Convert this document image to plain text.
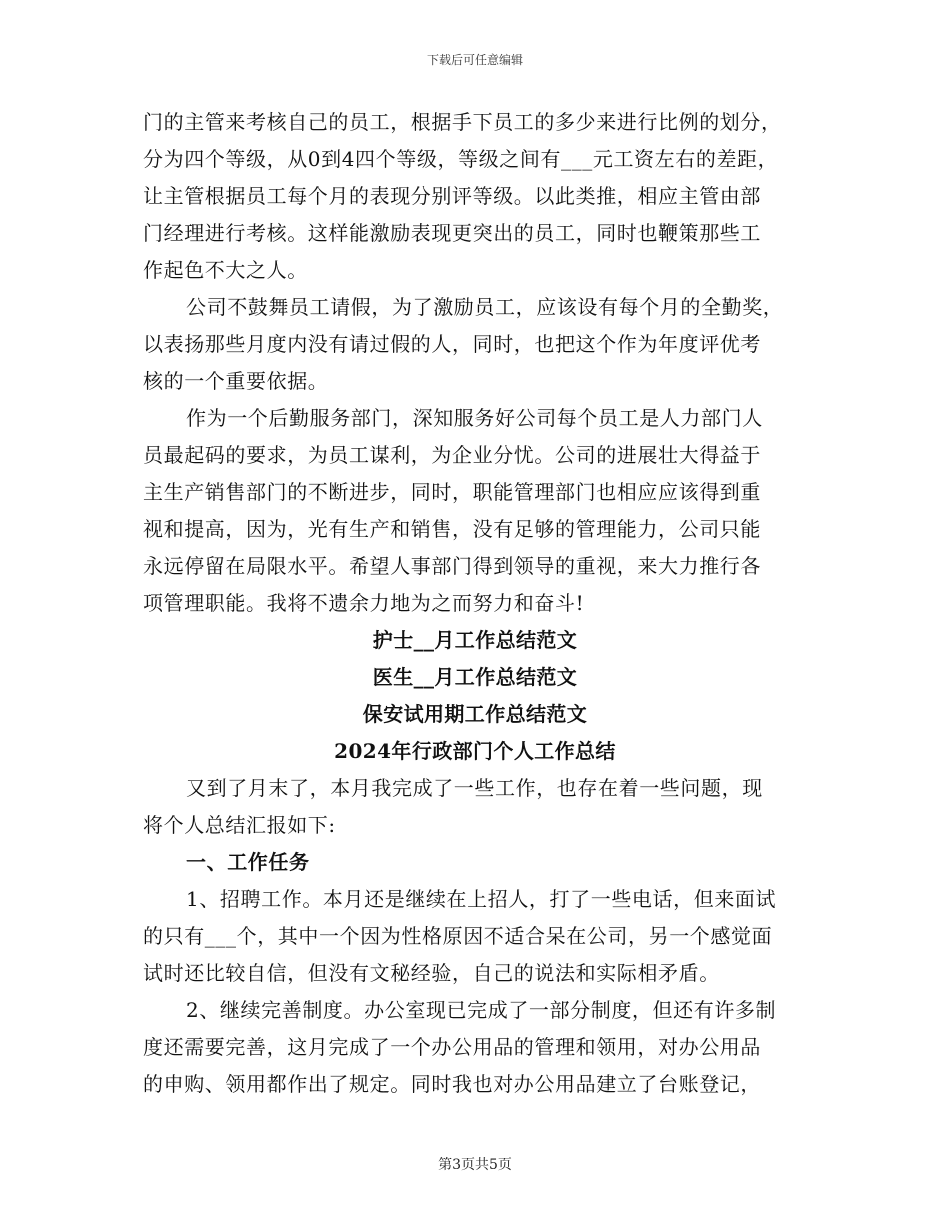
下载后可任意编辑
门的主管来考核自己的员工，根据手下员工的多少来进行比例的划分，
分为四个等级，从0到4四个等级，等级之间有___元工资左右的差距，
让主管根据员工每个月的表现分别评等级。以此类推，相应主管由部
门经理进行考核。这样能激励表现更突出的员工，同时也鞭策那些工
作起色不大之人。
公司不鼓舞员工请假，为了激励员工，应该设有每个月的全勤奖，
以表扬那些月度内没有请过假的人，同时，也把这个作为年度评优考
核的一个重要依据。
作为一个后勤服务部门，深知服务好公司每个员工是人力部门人
员最起码的要求，为员工谋利，为企业分忧。公司的进展壮大得益于
主生产销售部门的不断进步，同时，职能管理部门也相应应该得到重
视和提高，因为，光有生产和销售，没有足够的管理能力，公司只能
永远停留在局限水平。希望人事部门得到领导的重视，来大力推行各
项管理职能。我将不遗余力地为之而努力和奋斗!
护士__月工作总结范文
医生__月工作总结范文
保安试用期工作总结范文
2024年行政部门个人工作总结
又到了月末了，本月我完成了一些工作，也存在着一些问题，现
将个人总结汇报如下:
一、工作任务
1、招聘工作。本月还是继续在上招人，打了一些电话，但来面试
的只有___个，其中一个因为性格原因不适合呆在公司，另一个感觉面
试时还比较自信，但没有文秘经验，自己的说法和实际相矛盾。
2、继续完善制度。办公室现已完成了一部分制度，但还有许多制
度还需要完善，这月完成了一个办公用品的管理和领用，对办公用品
的申购、领用都作出了规定。同时我也对办公用品建立了台账登记，
第3页共5页
